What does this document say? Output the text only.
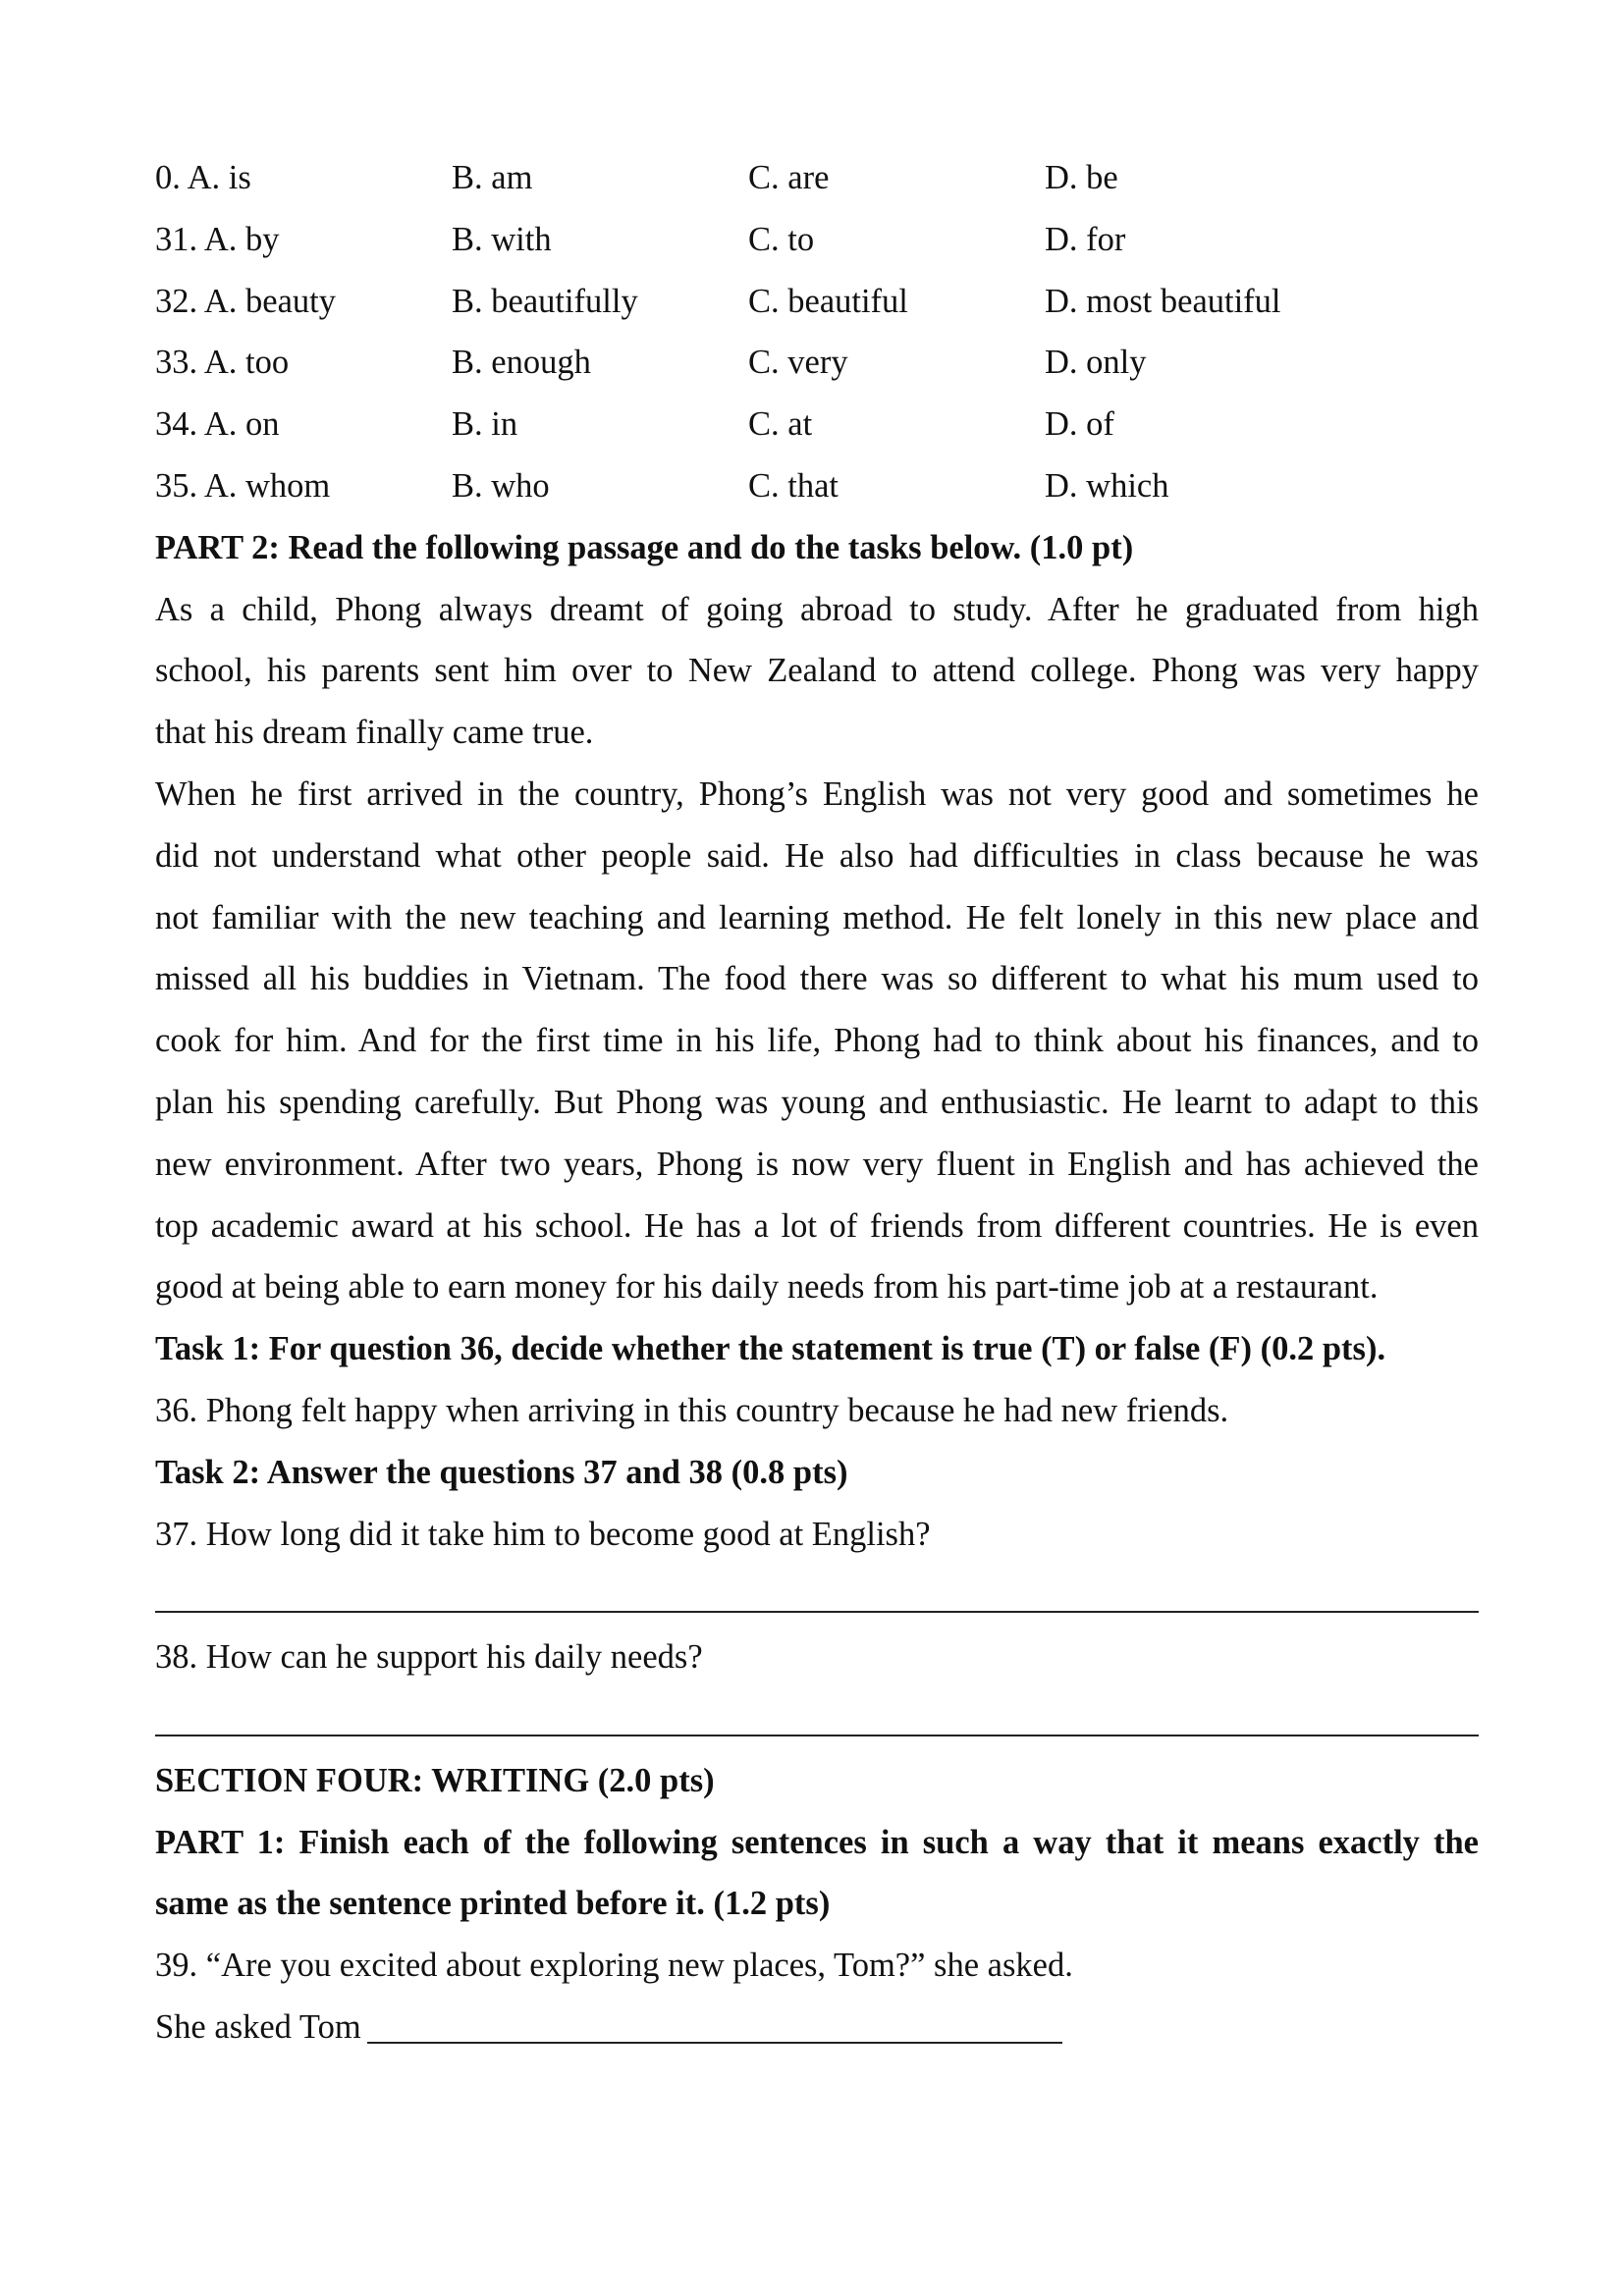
0. A. is	B. am	C. are	D. be
31. A. by	B. with	C. to	D. for
32. A. beauty	B. beautifully	C. beautiful	D. most beautiful
33. A. too	B. enough	C. very	D. only
34. A. on	B. in	C. at	D. of
35. A. whom	B. who	C. that	D. which
PART 2: Read the following passage and do the tasks below. (1.0 pt)
As a child, Phong always dreamt of going abroad to study. After he graduated from high
school, his parents sent him over to New Zealand to attend college. Phong was very happy
that his dream finally came true.
When he first arrived in the country, Phong’s English was not very good and sometimes he
did not understand what other people said. He also had difficulties in class because he was
not familiar with the new teaching and learning method. He felt lonely in this new place and
missed all his buddies in Vietnam. The food there was so different to what his mum used to
cook for him. And for the first time in his life, Phong had to think about his finances, and to
plan his spending carefully. But Phong was young and enthusiastic. He learnt to adapt to this
new environment. After two years, Phong is now very fluent in English and has achieved the
top academic award at his school. He has a lot of friends from different countries. He is even
good at being able to earn money for his daily needs from his part-time job at a restaurant.
Task 1: For question 36, decide whether the statement is true (T) or false (F) (0.2 pts).
36. Phong felt happy when arriving in this country because he had new friends.
Task 2: Answer the questions 37 and 38 (0.8 pts)
37. How long did it take him to become good at English?
38. How can he support his daily needs?
SECTION FOUR: WRITING (2.0 pts)
PART 1: Finish each of the following sentences in such a way that it means exactly the
same as the sentence printed before it. (1.2 pts)
39. “Are you excited about exploring new places, Tom?” she asked.
She asked Tom
